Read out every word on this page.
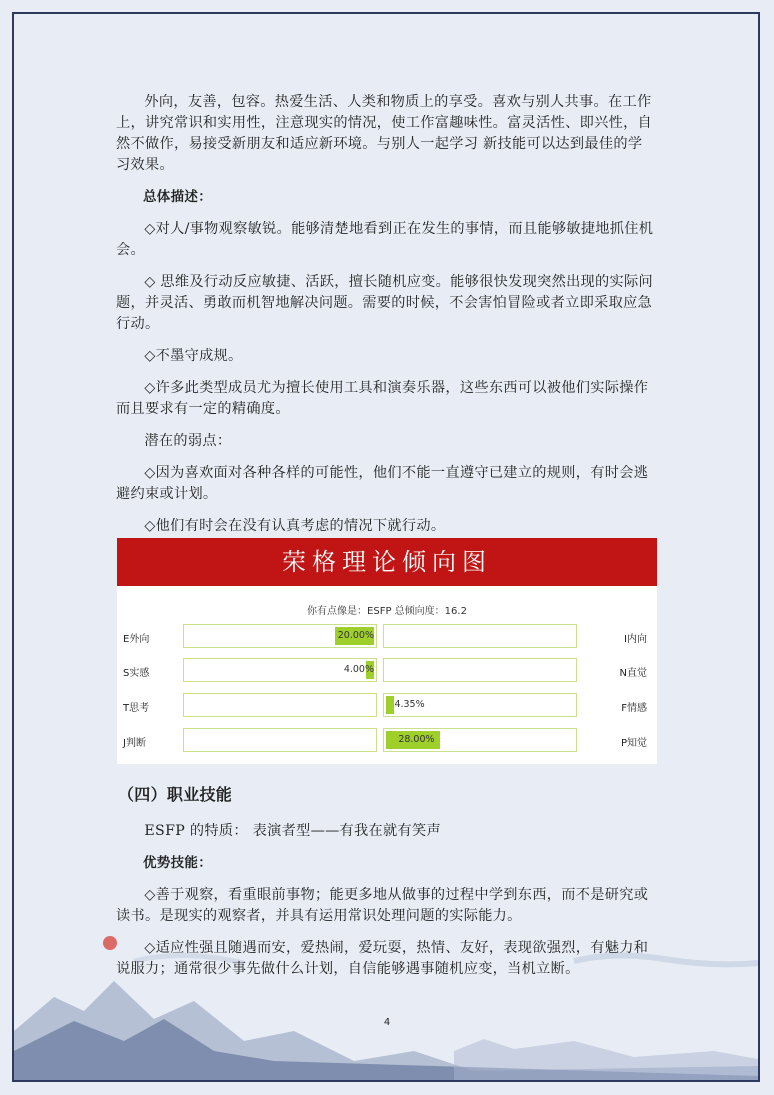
外向，友善，包容。热爱生活、人类和物质上的享受。喜欢与别人共事。在工作上，讲究常识和实用性，注意现实的情况，使工作富趣味性。富灵活性、即兴性，自然不做作，易接受新朋友和适应新环境。与别人一起学习 新技能可以达到最佳的学习效果。

总体描述：

◇对人/事物观察敏锐。能够清楚地看到正在发生的事情，而且能够敏捷地抓住机会。

◇ 思维及行动反应敏捷、活跃，擅长随机应变。能够很快发现突然出现的实际问题，并灵活、勇敢而机智地解决问题。需要的时候，不会害怕冒险或者立即采取应急行动。

◇不墨守成规。

◇许多此类型成员尤为擅长使用工具和演奏乐器，这些东西可以被他们实际操作而且要求有一定的精确度。

潜在的弱点：

◇因为喜欢面对各种各样的可能性，他们不能一直遵守已建立的规则，有时会逃避约束或计划。

◇他们有时会在没有认真考虑的情况下就行动。

荣格理论倾向图
你有点像是：ESFP 总倾向度：16.2
E外向	20.00%	I内向
S实感	4.00%	N直觉
T思考	4.35%	F情感
J判断	28.00%	P知觉

（四）职业技能

ESFP 的特质： 表演者型——有我在就有笑声

优势技能：

◇善于观察，看重眼前事物；能更多地从做事的过程中学到东西，而不是研究或读书。是现实的观察者，并具有运用常识处理问题的实际能力。

◇适应性强且随遇而安，爱热闹，爱玩耍，热情、友好，表现欲强烈，有魅力和说服力；通常很少事先做什么计划，自信能够遇事随机应变，当机立断。

4
